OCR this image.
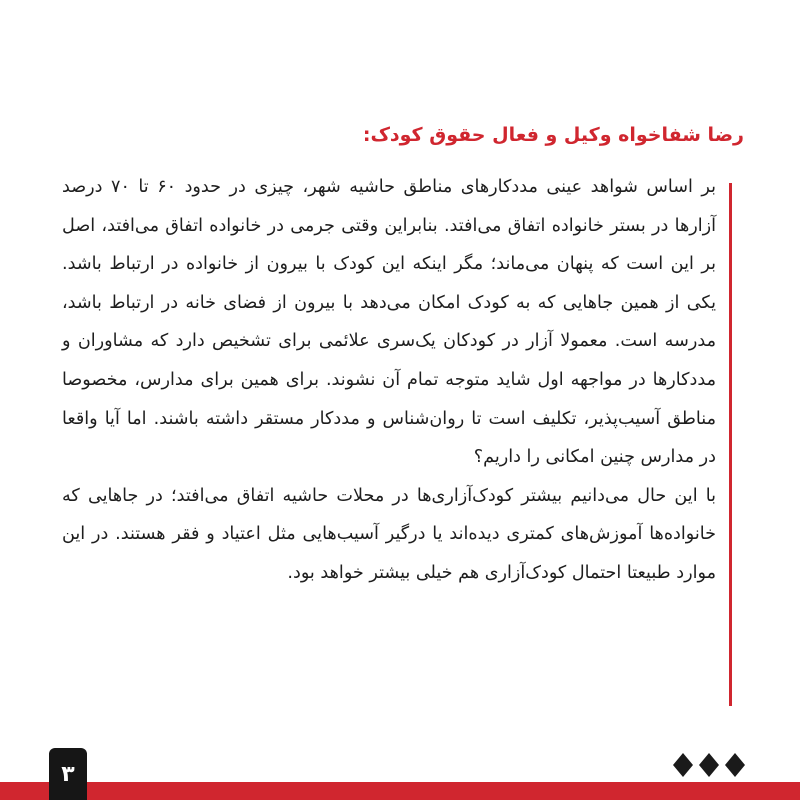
رضا شفاخواه وکیل و فعال حقوق کودک:

بر اساس شواهد عینی مددکارهای مناطق حاشیه شهر، چیزی در حدود ۶۰ تا ۷۰ درصد آزارها در بستر خانواده اتفاق می‌افتد. بنابراین وقتی جرمی در خانواده اتفاق می‌افتد، اصل بر این است که پنهان می‌ماند؛ مگر اینکه این کودک با بیرون از خانواده در ارتباط باشد. یکی از همین جاهایی که به کودک امکان می‌دهد با بیرون از فضای خانه در ارتباط باشد، مدرسه است. معمولا آزار در کودکان یک‌سری علائمی برای تشخیص دارد که مشاوران و مددکارها در مواجهه اول شاید متوجه تمام آن نشوند. برای همین برای مدارس، مخصوصا مناطق آسیب‌پذیر، تکلیف است تا روان‌شناس و مددکار مستقر داشته باشند. اما آیا واقعا در مدارس چنین امکانی را داریم؟

با این حال می‌دانیم بیشتر کودک‌آزاری‌ها در محلات حاشیه اتفاق می‌افتد؛ در جاهایی که خانواده‌ها آموزش‌های کمتری دیده‌اند یا درگیر آسیب‌هایی مثل اعتیاد و فقر هستند. در این موارد طبیعتا احتمال کودک‌آزاری هم خیلی بیشتر خواهد بود.

۳
